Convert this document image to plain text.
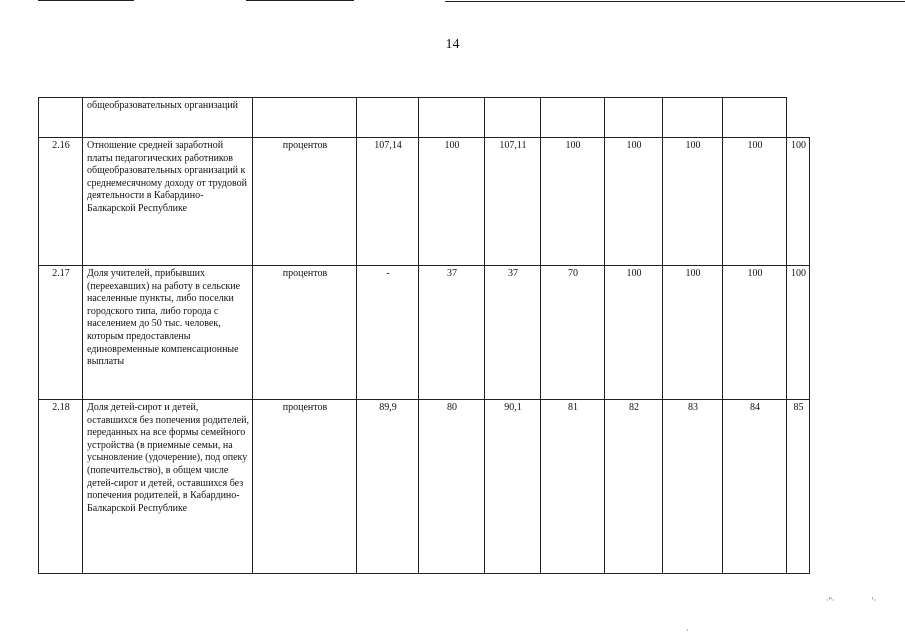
14
	общеобразовательных организаций									
2.16	Отношение средней заработной платы педагогических работников общеобразовательных организаций к среднемесячному доходу от трудовой деятельности в Кабардино-Балкарской Республике	процентов	107,14	100	107,11	100	100	100	100	100
2.17	Доля учителей, прибывших (переехавших) на работу в сельские населенные пункты, либо поселки городского типа, либо города с населением до 50 тыс. человек, которым предоставлены единовременные компенсационные выплаты	процентов	-	37	37	70	100	100	100	100
2.18	Доля детей-сирот и детей, оставшихся без попечения родителей, переданных на все формы семейного устройства (в приемные семьи, на усыновление (удочерение), под опеку (попечительство), в общем числе детей-сирот и детей, оставшихся без попечения родителей, в Кабардино-Балкарской Республике	процентов	89,9	80	90,1	81	82	83	84	85
·"·	'·
·
